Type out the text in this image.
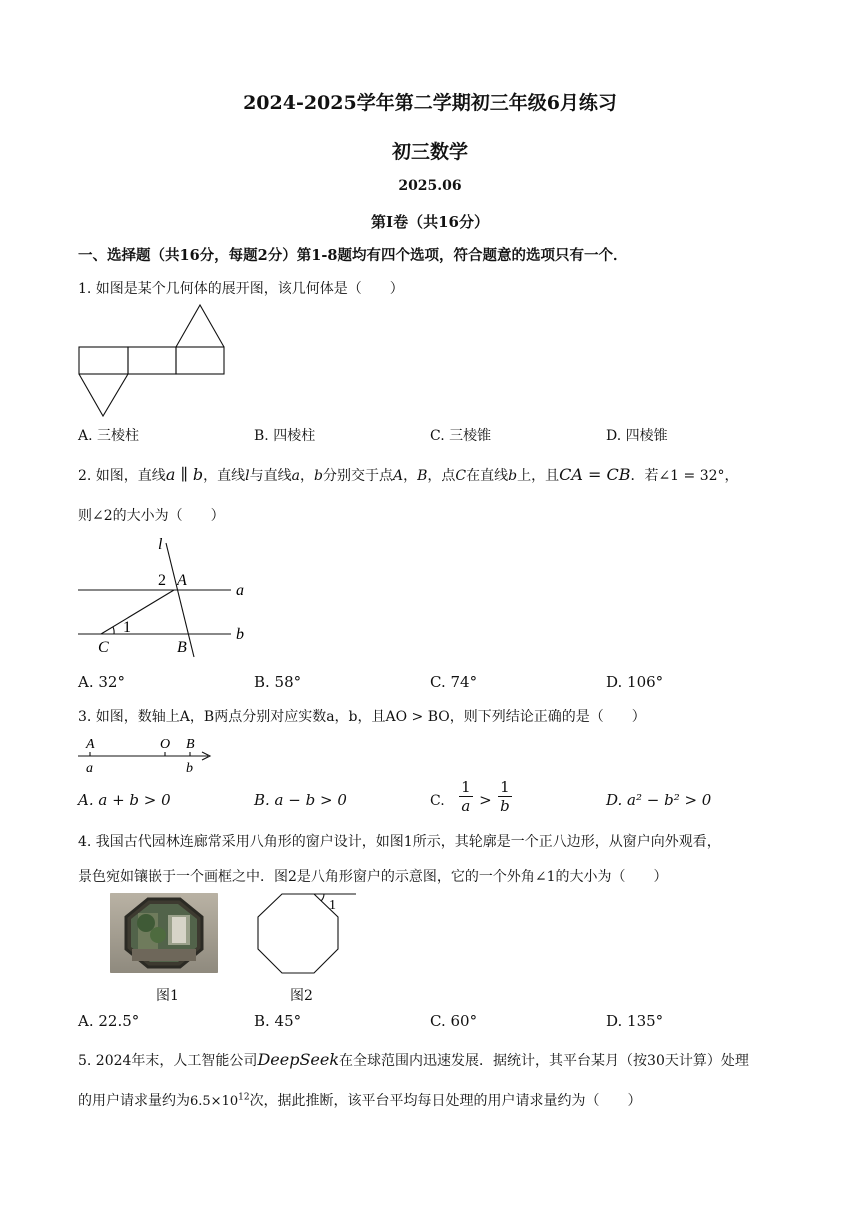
2024-2025学年第二学期初三年级6月练习
初三数学
2025.06
第I卷（共16分）
一、选择题（共16分，每题2分）第1-8题均有四个选项，符合题意的选项只有一个．
1. 如图是某个几何体的展开图，该几何体是（　　）
A. 三棱柱	B. 四棱柱	C. 三棱锥	D. 四棱锥
2. 如图，直线a ∥ b，直线l与直线a，b分别交于点A，B，点C在直线b上，且CA = CB．若∠1 = 32°，
则∠2的大小为（　　）
l
2 A
a
1
C	B
b
A. 32°	B. 58°	C. 74°	D. 106°
3. 如图，数轴上A，B两点分别对应实数a，b，且AO > BO，则下列结论正确的是（　　）
A	O B
a	b
A. a + b > 0	B. a − b > 0	C. $\frac{1}{a} > \frac{1}{b}$	D. a² − b² > 0
4. 我国古代园林连廊常采用八角形的窗户设计，如图1所示，其轮廓是一个正八边形，从窗户向外观看，
景色宛如镶嵌于一个画框之中．图2是八角形窗户的示意图，它的一个外角∠1的大小为（　　）
1
图1	图2
A. 22.5°	B. 45°	C. 60°	D. 135°
5. 2024年末，人工智能公司DeepSeek在全球范围内迅速发展．据统计，其平台某月（按30天计算）处理
的用户请求量约为$6.5\times 10^{12}$次，据此推断，该平台平均每日处理的用户请求量约为（　　）
